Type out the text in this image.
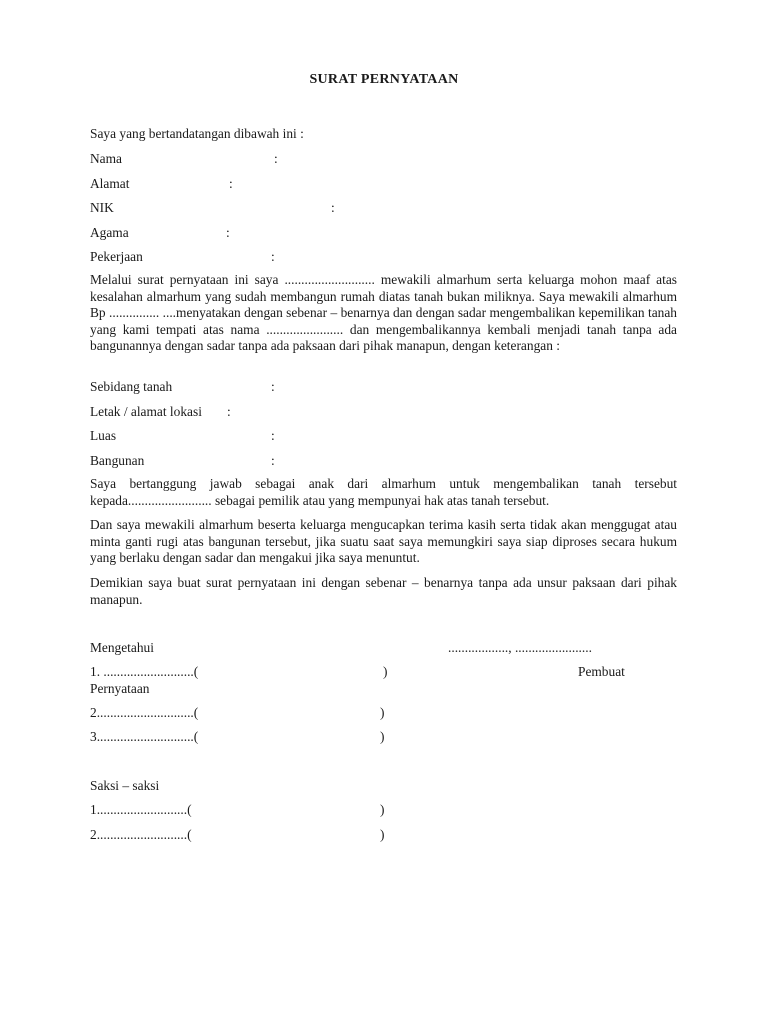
SURAT PERNYATAAN
Saya yang bertandatangan dibawah ini :
Nama	:
Alamat	:
NIK	:
Agama	:
Pekerjaan	:
Melalui surat pernyataan ini saya ........................... mewakili almarhum serta keluarga mohon maaf atas kesalahan almarhum yang sudah membangun rumah diatas tanah bukan miliknya. Saya mewakili almarhum Bp ............... ....menyatakan dengan sebenar – benarnya dan dengan sadar mengembalikan kepemilikan tanah yang kami tempati atas nama ....................... dan mengembalikannya kembali menjadi tanah tanpa ada bangunannya dengan sadar tanpa ada paksaan dari pihak manapun, dengan keterangan :
Sebidang tanah	:
Letak / alamat lokasi :
Luas	:
Bangunan	:
Saya bertanggung jawab sebagai anak dari almarhum untuk mengembalikan tanah tersebut kepada......................... sebagai pemilik atau yang mempunyai hak atas tanah tersebut.
Dan saya mewakili almarhum beserta keluarga mengucapkan terima kasih serta tidak akan menggugat atau minta ganti rugi atas bangunan tersebut, jika suatu saat saya memungkiri saya siap diproses secara hukum yang berlaku dengan sadar dan mengakui jika saya menuntut.
Demikian saya buat surat pernyataan ini dengan sebenar – benarnya tanpa ada unsur paksaan dari pihak manapun.
Mengetahui	.................., .......................
1. ...........................(	)	Pembuat
Pernyataan
2.............................(	)
3.............................(	)
Saksi – saksi
1...........................(	)
2...........................(	)
